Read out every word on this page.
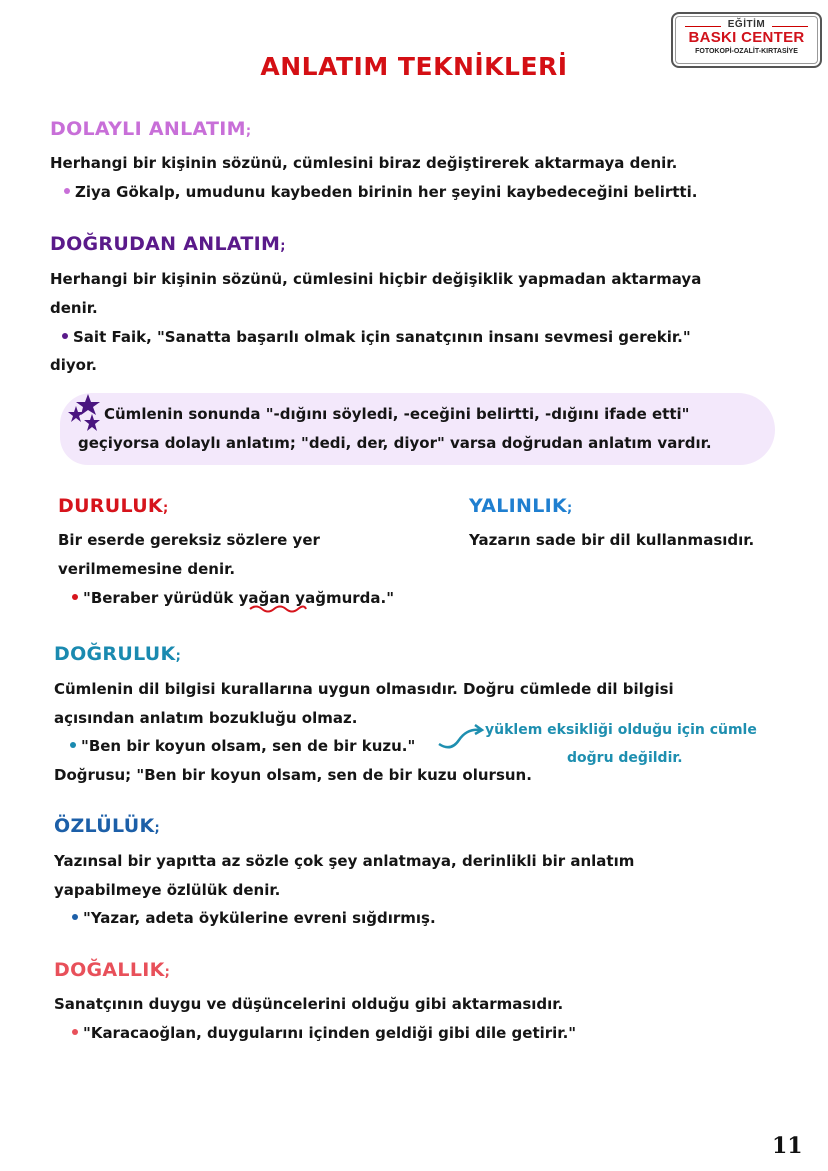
EĞİTİM
BASKI CENTER
FOTOKOPİ-OZALİT-KIRTASİYE
ANLATIM TEKNİKLERİ
DOLAYLI ANLATIM;
Herhangi bir kişinin sözünü, cümlesini biraz değiştirerek aktarmaya denir.
Ziya Gökalp, umudunu kaybeden birinin her şeyini kaybedeceğini belirtti.
DOĞRUDAN ANLATIM;
Herhangi bir kişinin sözünü, cümlesini hiçbir değişiklik yapmadan aktarmaya
denir.
Sait Faik, "Sanatta başarılı olmak için sanatçının insanı sevmesi gerekir."
diyor.
Cümlenin sonunda "-dığını söyledi, -eceğini belirtti, -dığını ifade etti"
geçiyorsa dolaylı anlatım; "dedi, der, diyor" varsa doğrudan anlatım vardır.
DURULUK;
Bir eserde gereksiz sözlere yer
verilmemesine denir.
"Beraber yürüdük yağan yağmurda."
YALINLIK;
Yazarın sade bir dil kullanmasıdır.
DOĞRULUK;
Cümlenin dil bilgisi kurallarına uygun olmasıdır. Doğru cümlede dil bilgisi
açısından anlatım bozukluğu olmaz.
"Ben bir koyun olsam, sen de bir kuzu."
Doğrusu; "Ben bir koyun olsam, sen de bir kuzu olursun.
yüklem eksikliği olduğu için cümle
doğru değildir.
ÖZLÜLÜK;
Yazınsal bir yapıtta az sözle çok şey anlatmaya, derinlikli bir anlatım
yapabilmeye özlülük denir.
"Yazar, adeta öykülerine evreni sığdırmış.
DOĞALLIK;
Sanatçının duygu ve düşüncelerini olduğu gibi aktarmasıdır.
"Karacaoğlan, duygularını içinden geldiği gibi dile getirir."
11
